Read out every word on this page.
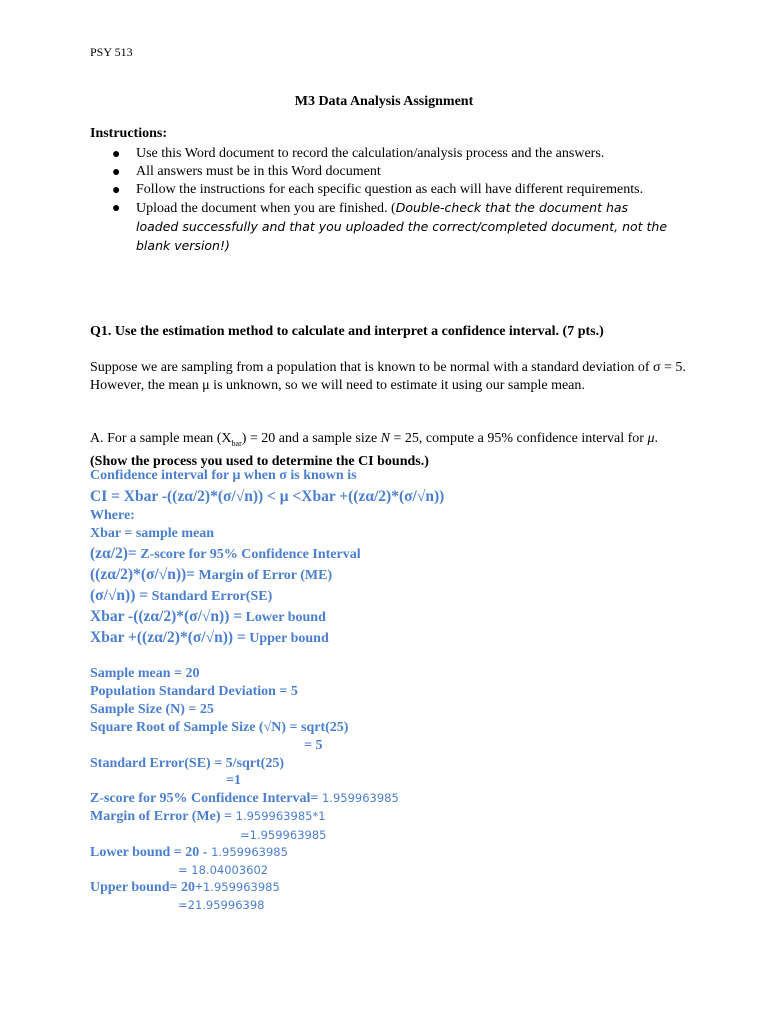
PSY 513
M3 Data Analysis Assignment
Instructions:
● Use this Word document to record the calculation/analysis process and the answers.
● All answers must be in this Word document
● Follow the instructions for each specific question as each will have different requirements.
● Upload the document when you are finished. (Double-check that the document has loaded successfully and that you uploaded the correct/completed document, not the blank version!)
Q1. Use the estimation method to calculate and interpret a confidence interval. (7 pts.)
Suppose we are sampling from a population that is known to be normal with a standard deviation of σ = 5. However, the mean μ is unknown, so we will need to estimate it using our sample mean.
A. For a sample mean $(X_{bar}) = 20$ and a sample size N = 25, compute a 95% confidence interval for μ. (Show the process you used to determine the CI bounds.)
Confidence interval for μ when σ is known is
CI = Xbar -((zα/2)*(σ/√n)) < μ <Xbar +((zα/2)*(σ/√n))
Where:
Xbar = sample mean
(zα/2)= Z-score for 95% Confidence Interval
((zα/2)*(σ/√n))= Margin of Error (ME)
(σ/√n)) = Standard Error(SE)
Xbar -((zα/2)*(σ/√n)) = Lower bound
Xbar +((zα/2)*(σ/√n)) = Upper bound
Sample mean = 20
Population Standard Deviation = 5
Sample Size (N) = 25
Square Root of Sample Size (√N) = sqrt(25)
= 5
Standard Error(SE) = 5/sqrt(25)
=1
Z-score for 95% Confidence Interval= 1.959963985
Margin of Error (Me) = 1.959963985*1
=1.959963985
Lower bound = 20 - 1.959963985
= 18.04003602
Upper bound= 20+1.959963985
=21.95996398
